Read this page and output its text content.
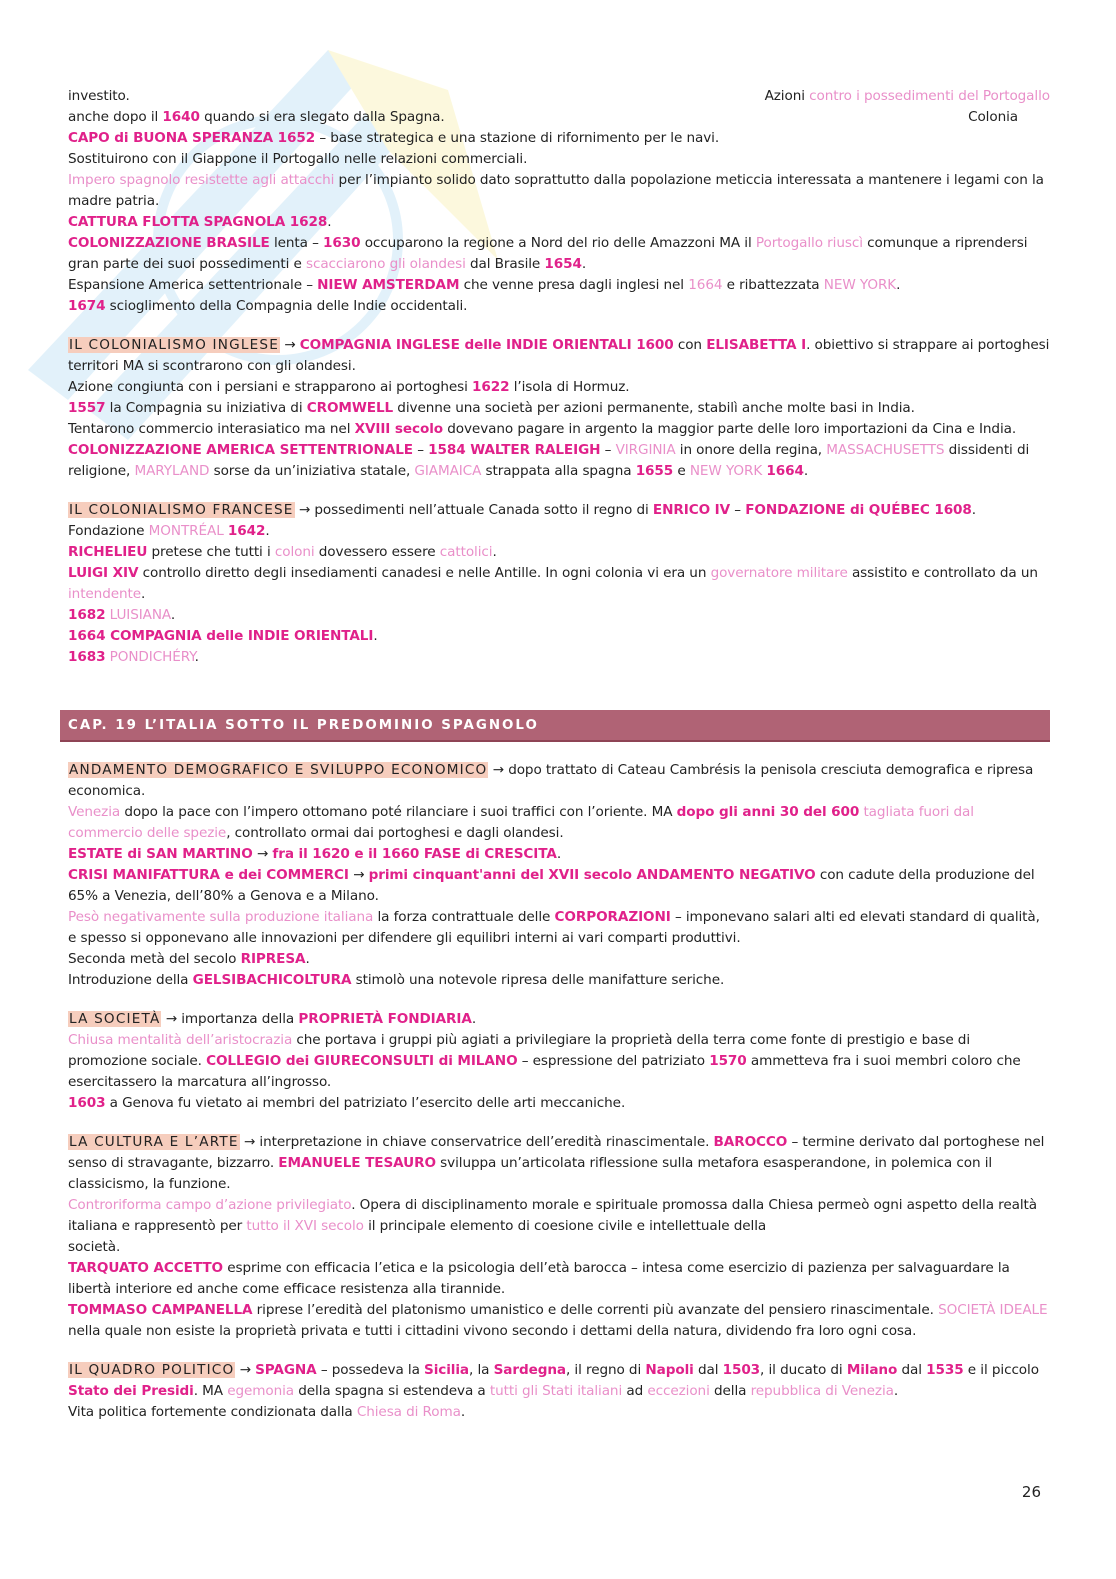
investito.	Azioni contro i possedimenti del Portogallo
anche dopo il 1640 quando si era slegato dalla Spagna.	Colonia
CAPO di BUONA SPERANZA 1652 – base strategica e una stazione di rifornimento per le navi.
Sostituirono con il Giappone il Portogallo nelle relazioni commerciali.
Impero spagnolo resistette agli attacchi per l’impianto solido dato soprattutto dalla popolazione meticcia interessata a mantenere i legami con la madre patria.
CATTURA FLOTTA SPAGNOLA 1628.
COLONIZZAZIONE BRASILE lenta – 1630 occuparono la regione a Nord del rio delle Amazzoni MA il Portogallo riuscì comunque a riprendersi gran parte dei suoi possedimenti e scacciarono gli olandesi dal Brasile 1654.
Espansione America settentrionale – NIEW AMSTERDAM che venne presa dagli inglesi nel 1664 e ribattezzata NEW YORK.
1674 scioglimento della Compagnia delle Indie occidentali.
IL COLONIALISMO INGLESE → COMPAGNIA INGLESE delle INDIE ORIENTALI 1600 con ELISABETTA I. obiettivo si strappare ai portoghesi territori MA si scontrarono con gli olandesi.
Azione congiunta con i persiani e strapparono ai portoghesi 1622 l’isola di Hormuz.
1557 la Compagnia su iniziativa di CROMWELL divenne una società per azioni permanente, stabilì anche molte basi in India.
Tentarono commercio interasiatico ma nel XVIII secolo dovevano pagare in argento la maggior parte delle loro importazioni da Cina e India.
COLONIZZAZIONE AMERICA SETTENTRIONALE – 1584 WALTER RALEIGH – VIRGINIA in onore della regina, MASSACHUSETTS dissidenti di religione, MARYLAND sorse da un’iniziativa statale, GIAMAICA strappata alla spagna 1655 e NEW YORK 1664.
IL COLONIALISMO FRANCESE → possedimenti nell’attuale Canada sotto il regno di ENRICO IV – FONDAZIONE di QUÉBEC 1608.
Fondazione MONTRÉAL 1642.
RICHELIEU pretese che tutti i coloni dovessero essere cattolici.
LUIGI XIV controllo diretto degli insediamenti canadesi e nelle Antille. In ogni colonia vi era un governatore militare assistito e controllato da un intendente.
1682 LUISIANA.
1664 COMPAGNIA delle INDIE ORIENTALI.
1683 PONDICHÉRY.
CAP. 19 L’ITALIA SOTTO IL PREDOMINIO SPAGNOLO
ANDAMENTO DEMOGRAFICO E SVILUPPO ECONOMICO → dopo trattato di Cateau Cambrésis la penisola cresciuta demografica e ripresa economica.
Venezia dopo la pace con l’impero ottomano poté rilanciare i suoi traffici con l’oriente. MA dopo gli anni 30 del 600 tagliata fuori dal commercio delle spezie, controllato ormai dai portoghesi e dagli olandesi.
ESTATE di SAN MARTINO → fra il 1620 e il 1660 FASE di CRESCITA.
CRISI MANIFATTURA e dei COMMERCI → primi cinquant'anni del XVII secolo ANDAMENTO NEGATIVO con cadute della produzione del 65% a Venezia, dell’80% a Genova e a Milano.
Pesò negativamente sulla produzione italiana la forza contrattuale delle CORPORAZIONI – imponevano salari alti ed elevati standard di qualità, e spesso si opponevano alle innovazioni per difendere gli equilibri interni ai vari comparti produttivi.
Seconda metà del secolo RIPRESA.
Introduzione della GELSIBACHICOLTURA stimolò una notevole ripresa delle manifatture seriche.
LA SOCIETÀ → importanza della PROPRIETÀ FONDIARIA.
Chiusa mentalità dell’aristocrazia che portava i gruppi più agiati a privilegiare la proprietà della terra come fonte di prestigio e base di promozione sociale. COLLEGIO dei GIURECONSULTI di MILANO – espressione del patriziato 1570 ammetteva fra i suoi membri coloro che esercitassero la marcatura all’ingrosso.
1603 a Genova fu vietato ai membri del patriziato l’esercito delle arti meccaniche.
LA CULTURA E L’ARTE → interpretazione in chiave conservatrice dell’eredità rinascimentale. BAROCCO – termine derivato dal portoghese nel senso di stravagante, bizzarro. EMANUELE TESAURO sviluppa un’articolata riflessione sulla metafora esasperandone, in polemica con il classicismo, la funzione.
Controriforma campo d’azione privilegiato. Opera di disciplinamento morale e spirituale promossa dalla Chiesa permeò ogni aspetto della realtà italiana e rappresentò per tutto il XVI secolo il principale elemento di coesione civile e intellettuale della
società.
TARQUATO ACCETTO esprime con efficacia l’etica e la psicologia dell’età barocca – intesa come esercizio di pazienza per salvaguardare la libertà interiore ed anche come efficace resistenza alla tirannide.
TOMMASO CAMPANELLA riprese l’eredità del platonismo umanistico e delle correnti più avanzate del pensiero rinascimentale. SOCIETÀ IDEALE nella quale non esiste la proprietà privata e tutti i cittadini vivono secondo i dettami della natura, dividendo fra loro ogni cosa.
IL QUADRO POLITICO → SPAGNA – possedeva la Sicilia, la Sardegna, il regno di Napoli dal 1503, il ducato di Milano dal 1535 e il piccolo Stato dei Presidi. MA egemonia della spagna si estendeva a tutti gli Stati italiani ad eccezioni della repubblica di Venezia.
Vita politica fortemente condizionata dalla Chiesa di Roma.
26
